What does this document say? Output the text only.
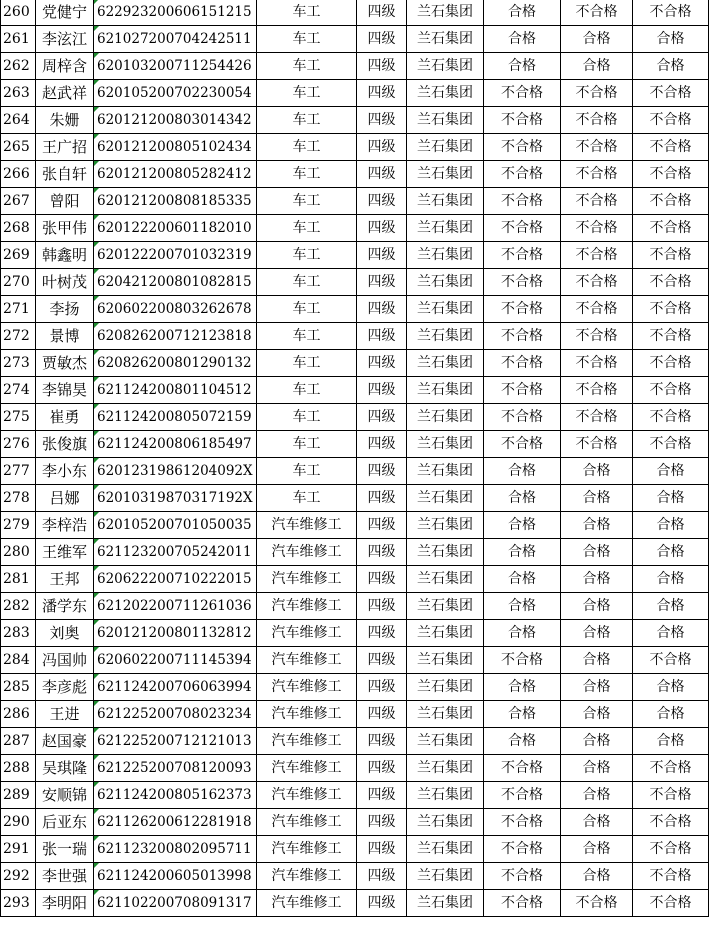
260	党健宁	622923200606151215	车工	四级	兰石集团	合格	不合格	不合格
261	李泫江	621027200704242511	车工	四级	兰石集团	合格	合格	合格
262	周梓含	620103200711254426	车工	四级	兰石集团	合格	合格	合格
263	赵武祥	620105200702230054	车工	四级	兰石集团	不合格	不合格	不合格
264	朱姗	620121200803014342	车工	四级	兰石集团	不合格	不合格	不合格
265	王广招	620121200805102434	车工	四级	兰石集团	不合格	不合格	不合格
266	张自轩	620121200805282412	车工	四级	兰石集团	不合格	不合格	不合格
267	曾阳	620121200808185335	车工	四级	兰石集团	不合格	不合格	不合格
268	张甲伟	620122200601182010	车工	四级	兰石集团	不合格	不合格	不合格
269	韩鑫明	620122200701032319	车工	四级	兰石集团	不合格	不合格	不合格
270	叶树茂	620421200801082815	车工	四级	兰石集团	不合格	不合格	不合格
271	李扬	620602200803262678	车工	四级	兰石集团	不合格	不合格	不合格
272	景博	620826200712123818	车工	四级	兰石集团	不合格	不合格	不合格
273	贾敏杰	620826200801290132	车工	四级	兰石集团	不合格	不合格	不合格
274	李锦昊	621124200801104512	车工	四级	兰石集团	不合格	不合格	不合格
275	崔勇	621124200805072159	车工	四级	兰石集团	不合格	不合格	不合格
276	张俊旗	621124200806185497	车工	四级	兰石集团	不合格	不合格	不合格
277	李小东	62012319861204092X	车工	四级	兰石集团	合格	合格	合格
278	吕娜	62010319870317192X	车工	四级	兰石集团	合格	合格	合格
279	李梓浩	620105200701050035	汽车维修工	四级	兰石集团	合格	合格	合格
280	王维军	621123200705242011	汽车维修工	四级	兰石集团	合格	合格	合格
281	王邦	620622200710222015	汽车维修工	四级	兰石集团	合格	合格	合格
282	潘学东	621202200711261036	汽车维修工	四级	兰石集团	合格	合格	合格
283	刘奥	620121200801132812	汽车维修工	四级	兰石集团	合格	合格	合格
284	冯国帅	620602200711145394	汽车维修工	四级	兰石集团	不合格	合格	不合格
285	李彦彪	621124200706063994	汽车维修工	四级	兰石集团	合格	合格	合格
286	王进	621225200708023234	汽车维修工	四级	兰石集团	合格	合格	合格
287	赵国豪	621225200712121013	汽车维修工	四级	兰石集团	合格	合格	合格
288	吴琪隆	621225200708120093	汽车维修工	四级	兰石集团	不合格	合格	不合格
289	安顺锦	621124200805162373	汽车维修工	四级	兰石集团	不合格	合格	不合格
290	后亚东	621126200612281918	汽车维修工	四级	兰石集团	不合格	合格	不合格
291	张一瑞	621123200802095711	汽车维修工	四级	兰石集团	不合格	合格	不合格
292	李世强	621124200605013998	汽车维修工	四级	兰石集团	不合格	合格	不合格
293	李明阳	621102200708091317	汽车维修工	四级	兰石集团	不合格	不合格	不合格
